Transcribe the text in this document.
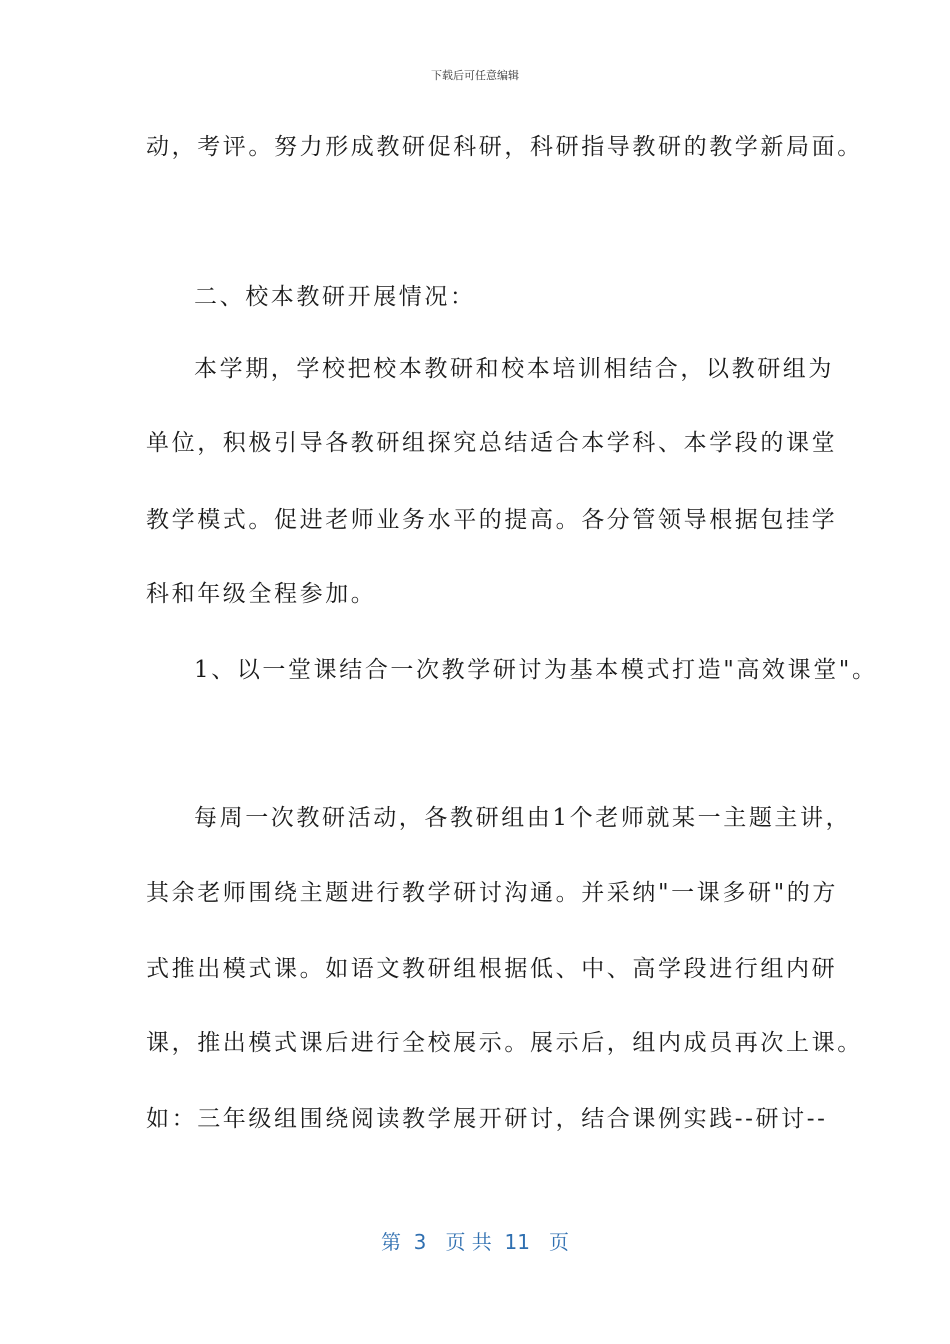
下载后可任意编辑
动，考评。努力形成教研促科研，科研指导教研的教学新局面。
二、校本教研开展情况：
本学期，学校把校本教研和校本培训相结合，以教研组为
单位，积极引导各教研组探究总结适合本学科、本学段的课堂
教学模式。促进老师业务水平的提高。各分管领导根据包挂学
科和年级全程参加。
1、以一堂课结合一次教学研讨为基本模式打造"高效课堂"。
每周一次教研活动，各教研组由1个老师就某一主题主讲，
其余老师围绕主题进行教学研讨沟通。并采纳"一课多研"的方
式推出模式课。如语文教研组根据低、中、高学段进行组内研
课，推出模式课后进行全校展示。展示后，组内成员再次上课。
如：三年级组围绕阅读教学展开研讨，结合课例实践--研讨--
第  3   页 共  11   页
